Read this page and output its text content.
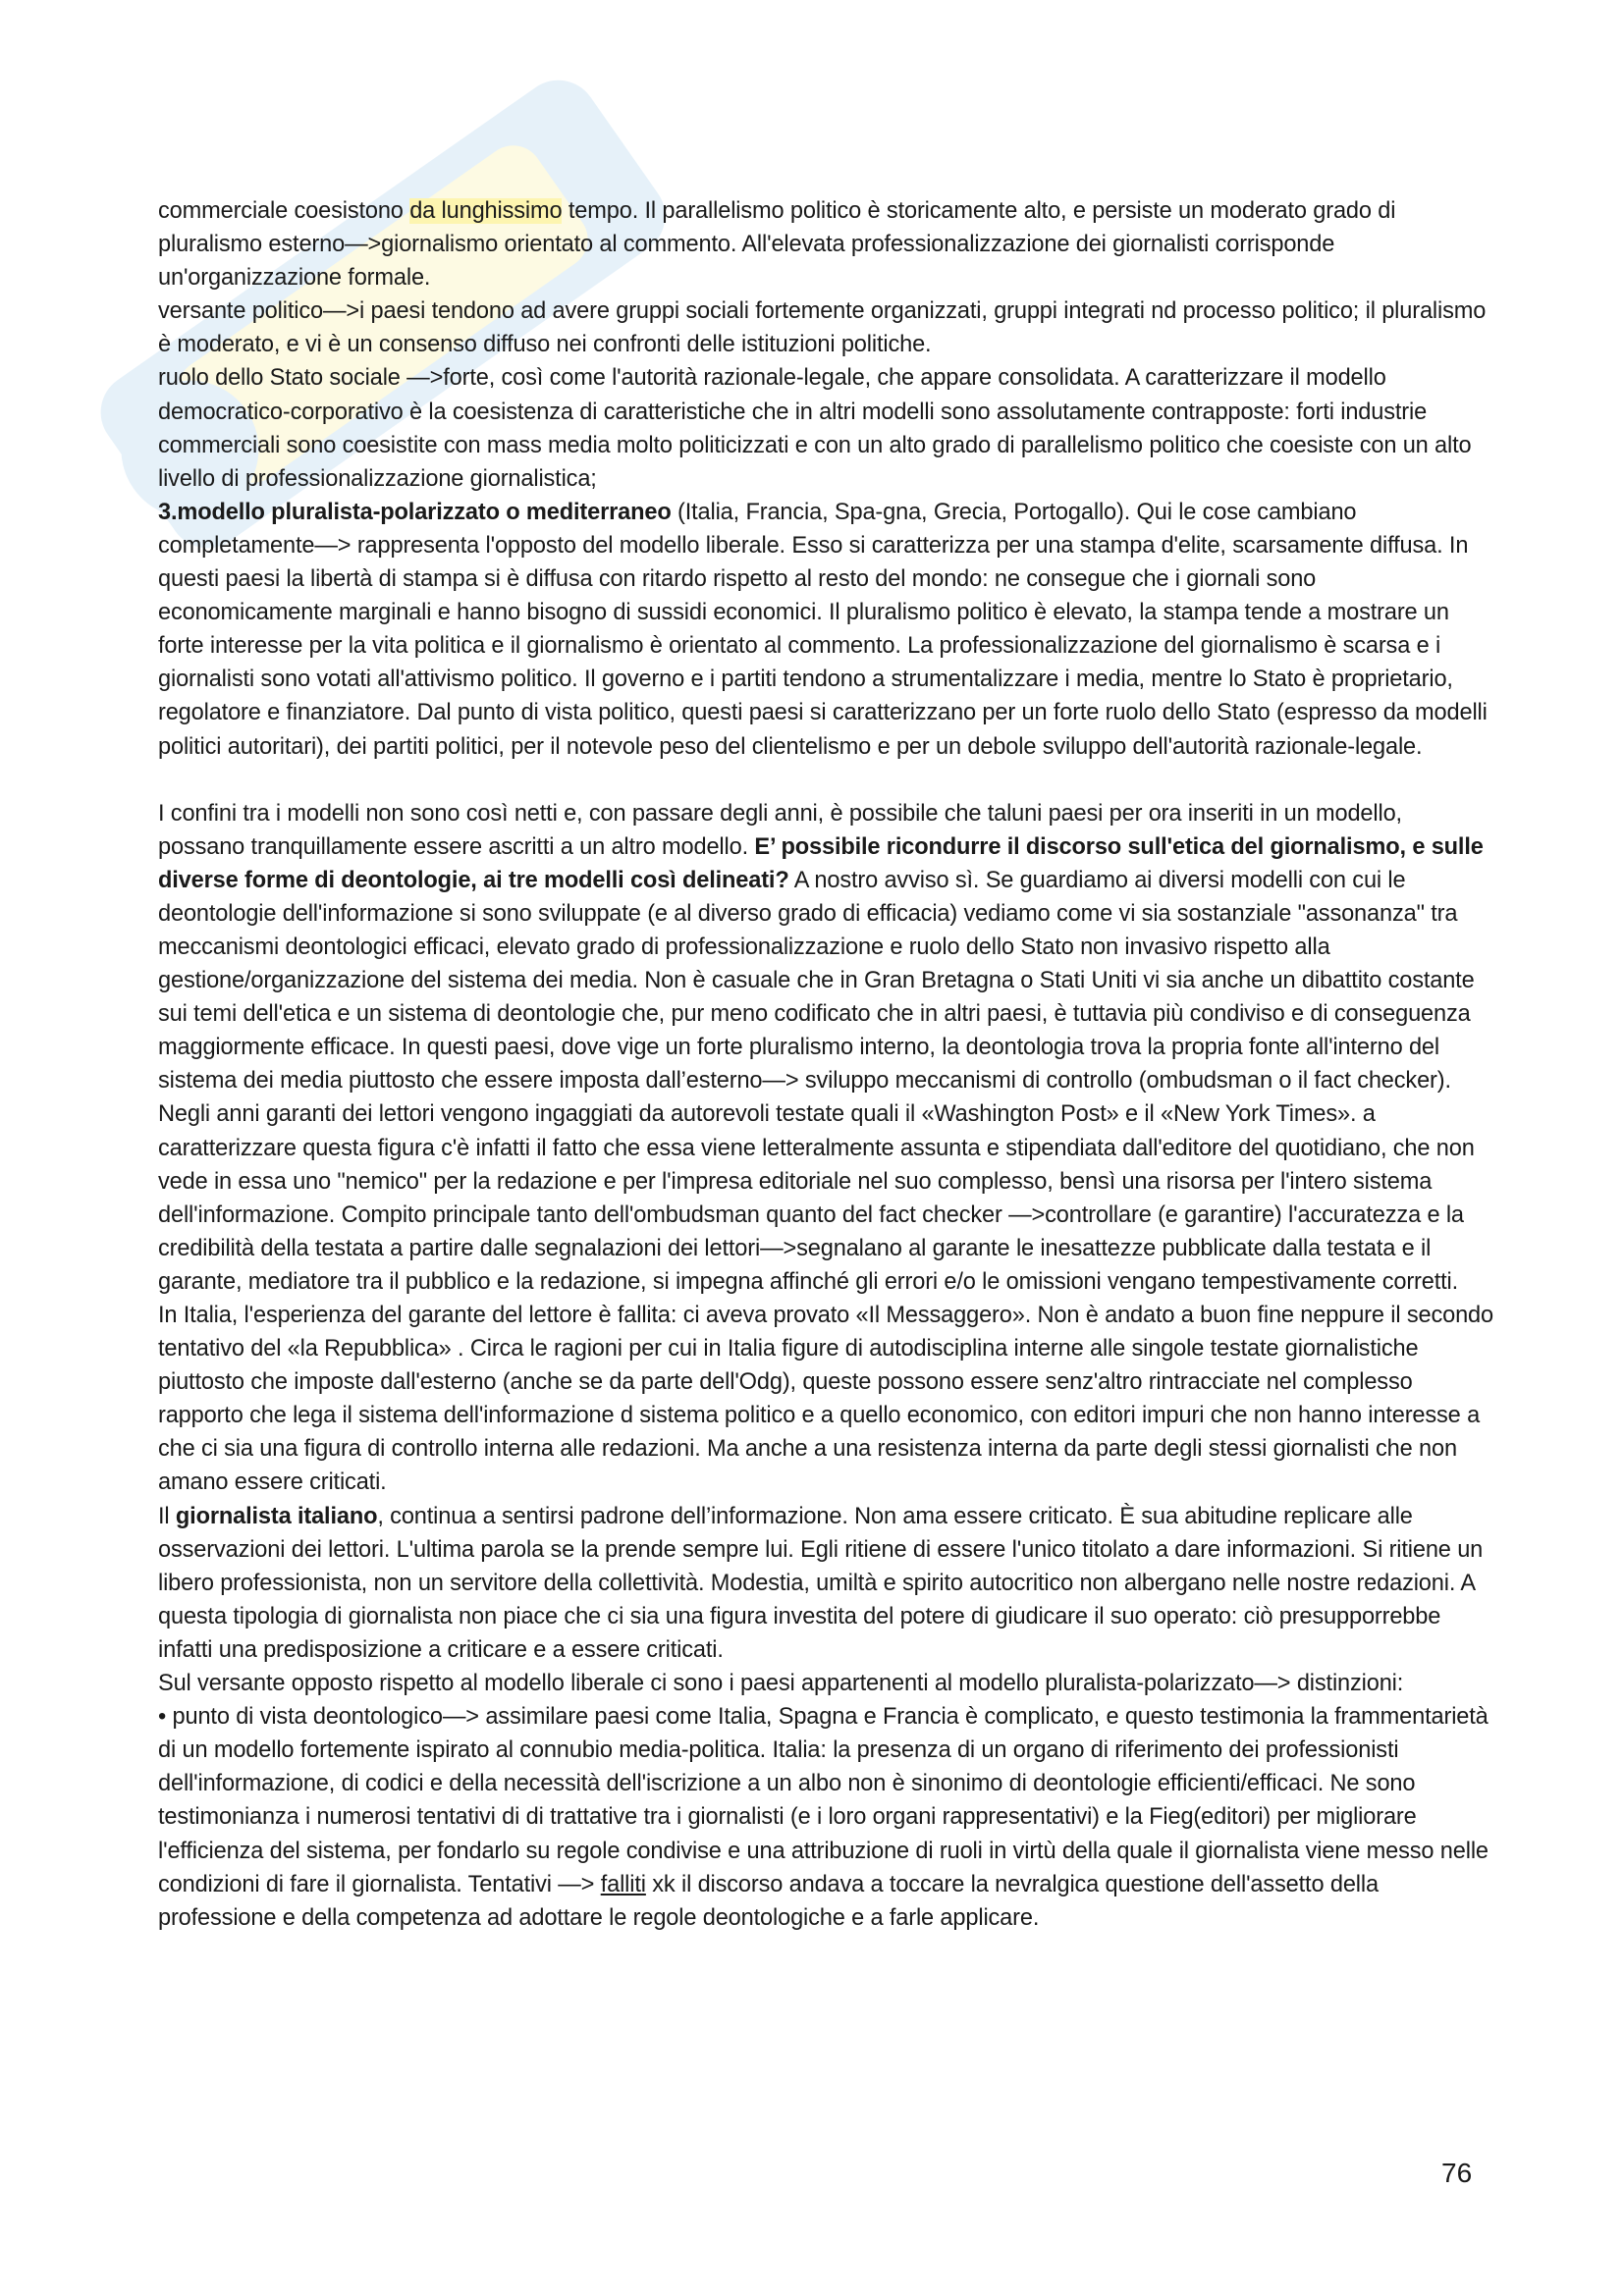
commerciale coesistono da lunghissimo tempo. Il parallelismo politico è storicamente alto, e persiste un moderato grado di pluralismo esterno—>giornalismo orientato al commento. All'elevata professionalizzazione dei giornalisti corrisponde un'organizzazione formale.

versante politico—>i paesi tendono ad avere gruppi sociali fortemente organizzati, gruppi integrati nd processo politico; il pluralismo è moderato, e vi è un consenso diffuso nei confronti delle istituzioni politiche.

ruolo dello Stato sociale —>forte, così come l'autorità razionale-legale, che appare consolidata. A caratterizzare il modello democratico-corporativo è la coesistenza di caratteristiche che in altri modelli sono assolutamente contrapposte: forti industrie commerciali sono coesistite con mass media molto politicizzati e con un alto grado di parallelismo politico che coesiste con un alto livello di professionalizzazione giornalistica;

3.modello pluralista-polarizzato o mediterraneo (Italia, Francia, Spa-gna, Grecia, Portogallo). Qui le cose cambiano completamente—> rappresenta l'opposto del modello liberale. Esso si caratterizza per una stampa d'elite, scarsamente diffusa. In questi paesi la libertà di stampa si è diffusa con ritardo rispetto al resto del mondo: ne consegue che i giornali sono economicamente marginali e hanno bisogno di sussidi economici. Il pluralismo politico è elevato, la stampa tende a mostrare un forte interesse per la vita politica e il giornalismo è orientato al commento. La professionalizzazione del giornalismo è scarsa e i giornalisti sono votati all'attivismo politico. Il governo e i partiti tendono a strumentalizzare i media, mentre lo Stato è proprietario, regolatore e finanziatore. Dal punto di vista politico, questi paesi si caratterizzano per un forte ruolo dello Stato (espresso da modelli politici autoritari), dei partiti politici, per il notevole peso del clientelismo e per un debole sviluppo dell'autorità razionale-legale.

I confini tra i modelli non sono così netti e, con passare degli anni, è possibile che taluni paesi per ora inseriti in un modello, possano tranquillamente essere ascritti a un altro modello. E’ possibile ricondurre il discorso sull'etica del giornalismo, e sulle diverse forme di deontologie, ai tre modelli così delineati? A nostro avviso sì. Se guardiamo ai diversi modelli con cui le deontologie dell'informazione si sono sviluppate (e al diverso grado di efficacia) vediamo come vi sia sostanziale "assonanza" tra meccanismi deontologici efficaci, elevato grado di professionalizzazione e ruolo dello Stato non invasivo rispetto alla gestione/organizzazione del sistema dei media. Non è casuale che in Gran Bretagna o Stati Uniti vi sia anche un dibattito costante sui temi dell'etica e un sistema di deontologie che, pur meno codificato che in altri paesi, è tuttavia più condiviso e di conseguenza maggiormente efficace. In questi paesi, dove vige un forte pluralismo interno, la deontologia trova la propria fonte all'interno del sistema dei media piuttosto che essere imposta dall’esterno—> sviluppo meccanismi di controllo (ombudsman o il fact checker). Negli anni garanti dei lettori vengono ingaggiati da autorevoli testate quali il «Washington Post» e il «New York Times». a caratterizzare questa figura c'è infatti il fatto che essa viene letteralmente assunta e stipendiata dall'editore del quotidiano, che non vede in essa uno "nemico" per la redazione e per l'impresa editoriale nel suo complesso, bensì una risorsa per l'intero sistema dell'informazione. Compito principale tanto dell'ombudsman quanto del fact checker —>controllare (e garantire) l'accuratezza e la credibilità della testata a partire dalle segnalazioni dei lettori—>segnalano al garante le inesattezze pubblicate dalla testata e il garante, mediatore tra il pubblico e la redazione, si impegna affinché gli errori e/o le omissioni vengano tempestivamente corretti.

In Italia, l'esperienza del garante del lettore è fallita: ci aveva provato «Il Messaggero». Non è andato a buon fine neppure il secondo tentativo del «la Repubblica» . Circa le ragioni per cui in Italia figure di autodisciplina interne alle singole testate giornalistiche piuttosto che imposte dall'esterno (anche se da parte dell'Odg), queste possono essere senz'altro rintracciate nel complesso rapporto che lega il sistema dell'informazione d sistema politico e a quello economico, con editori impuri che non hanno interesse a che ci sia una figura di controllo interna alle redazioni. Ma anche a una resistenza interna da parte degli stessi giornalisti che non amano essere criticati.

Il giornalista italiano, continua a sentirsi padrone dell’informazione. Non ama essere criticato. È sua abitudine replicare alle osservazioni dei lettori. L'ultima parola se la prende sempre lui. Egli ritiene di essere l'unico titolato a dare informazioni. Si ritiene un libero professionista, non un servitore della collettività. Modestia, umiltà e spirito autocritico non albergano nelle nostre redazioni. A questa tipologia di giornalista non piace che ci sia una figura investita del potere di giudicare il suo operato: ciò presupporrebbe infatti una predisposizione a criticare e a essere criticati.

Sul versante opposto rispetto al modello liberale ci sono i paesi appartenenti al modello pluralista-polarizzato—> distinzioni:

• punto di vista deontologico—> assimilare paesi come Italia, Spagna e Francia è complicato, e questo testimonia la frammentarietà di un modello fortemente ispirato al connubio media-politica. Italia: la presenza di un organo di riferimento dei professionisti dell'informazione, di codici e della necessità dell'iscrizione a un albo non è sinonimo di deontologie efficienti/efficaci. Ne sono testimonianza i numerosi tentativi di di trattative tra i giornalisti (e i loro organi rappresentativi) e la Fieg(editori) per migliorare l'efficienza del sistema, per fondarlo su regole condivise e una attribuzione di ruoli in virtù della quale il giornalista viene messo nelle condizioni di fare il giornalista. Tentativi —> falliti xk il discorso andava a toccare la nevralgica questione dell'assetto della professione e della competenza ad adottare le regole deontologiche e a farle applicare.

76
